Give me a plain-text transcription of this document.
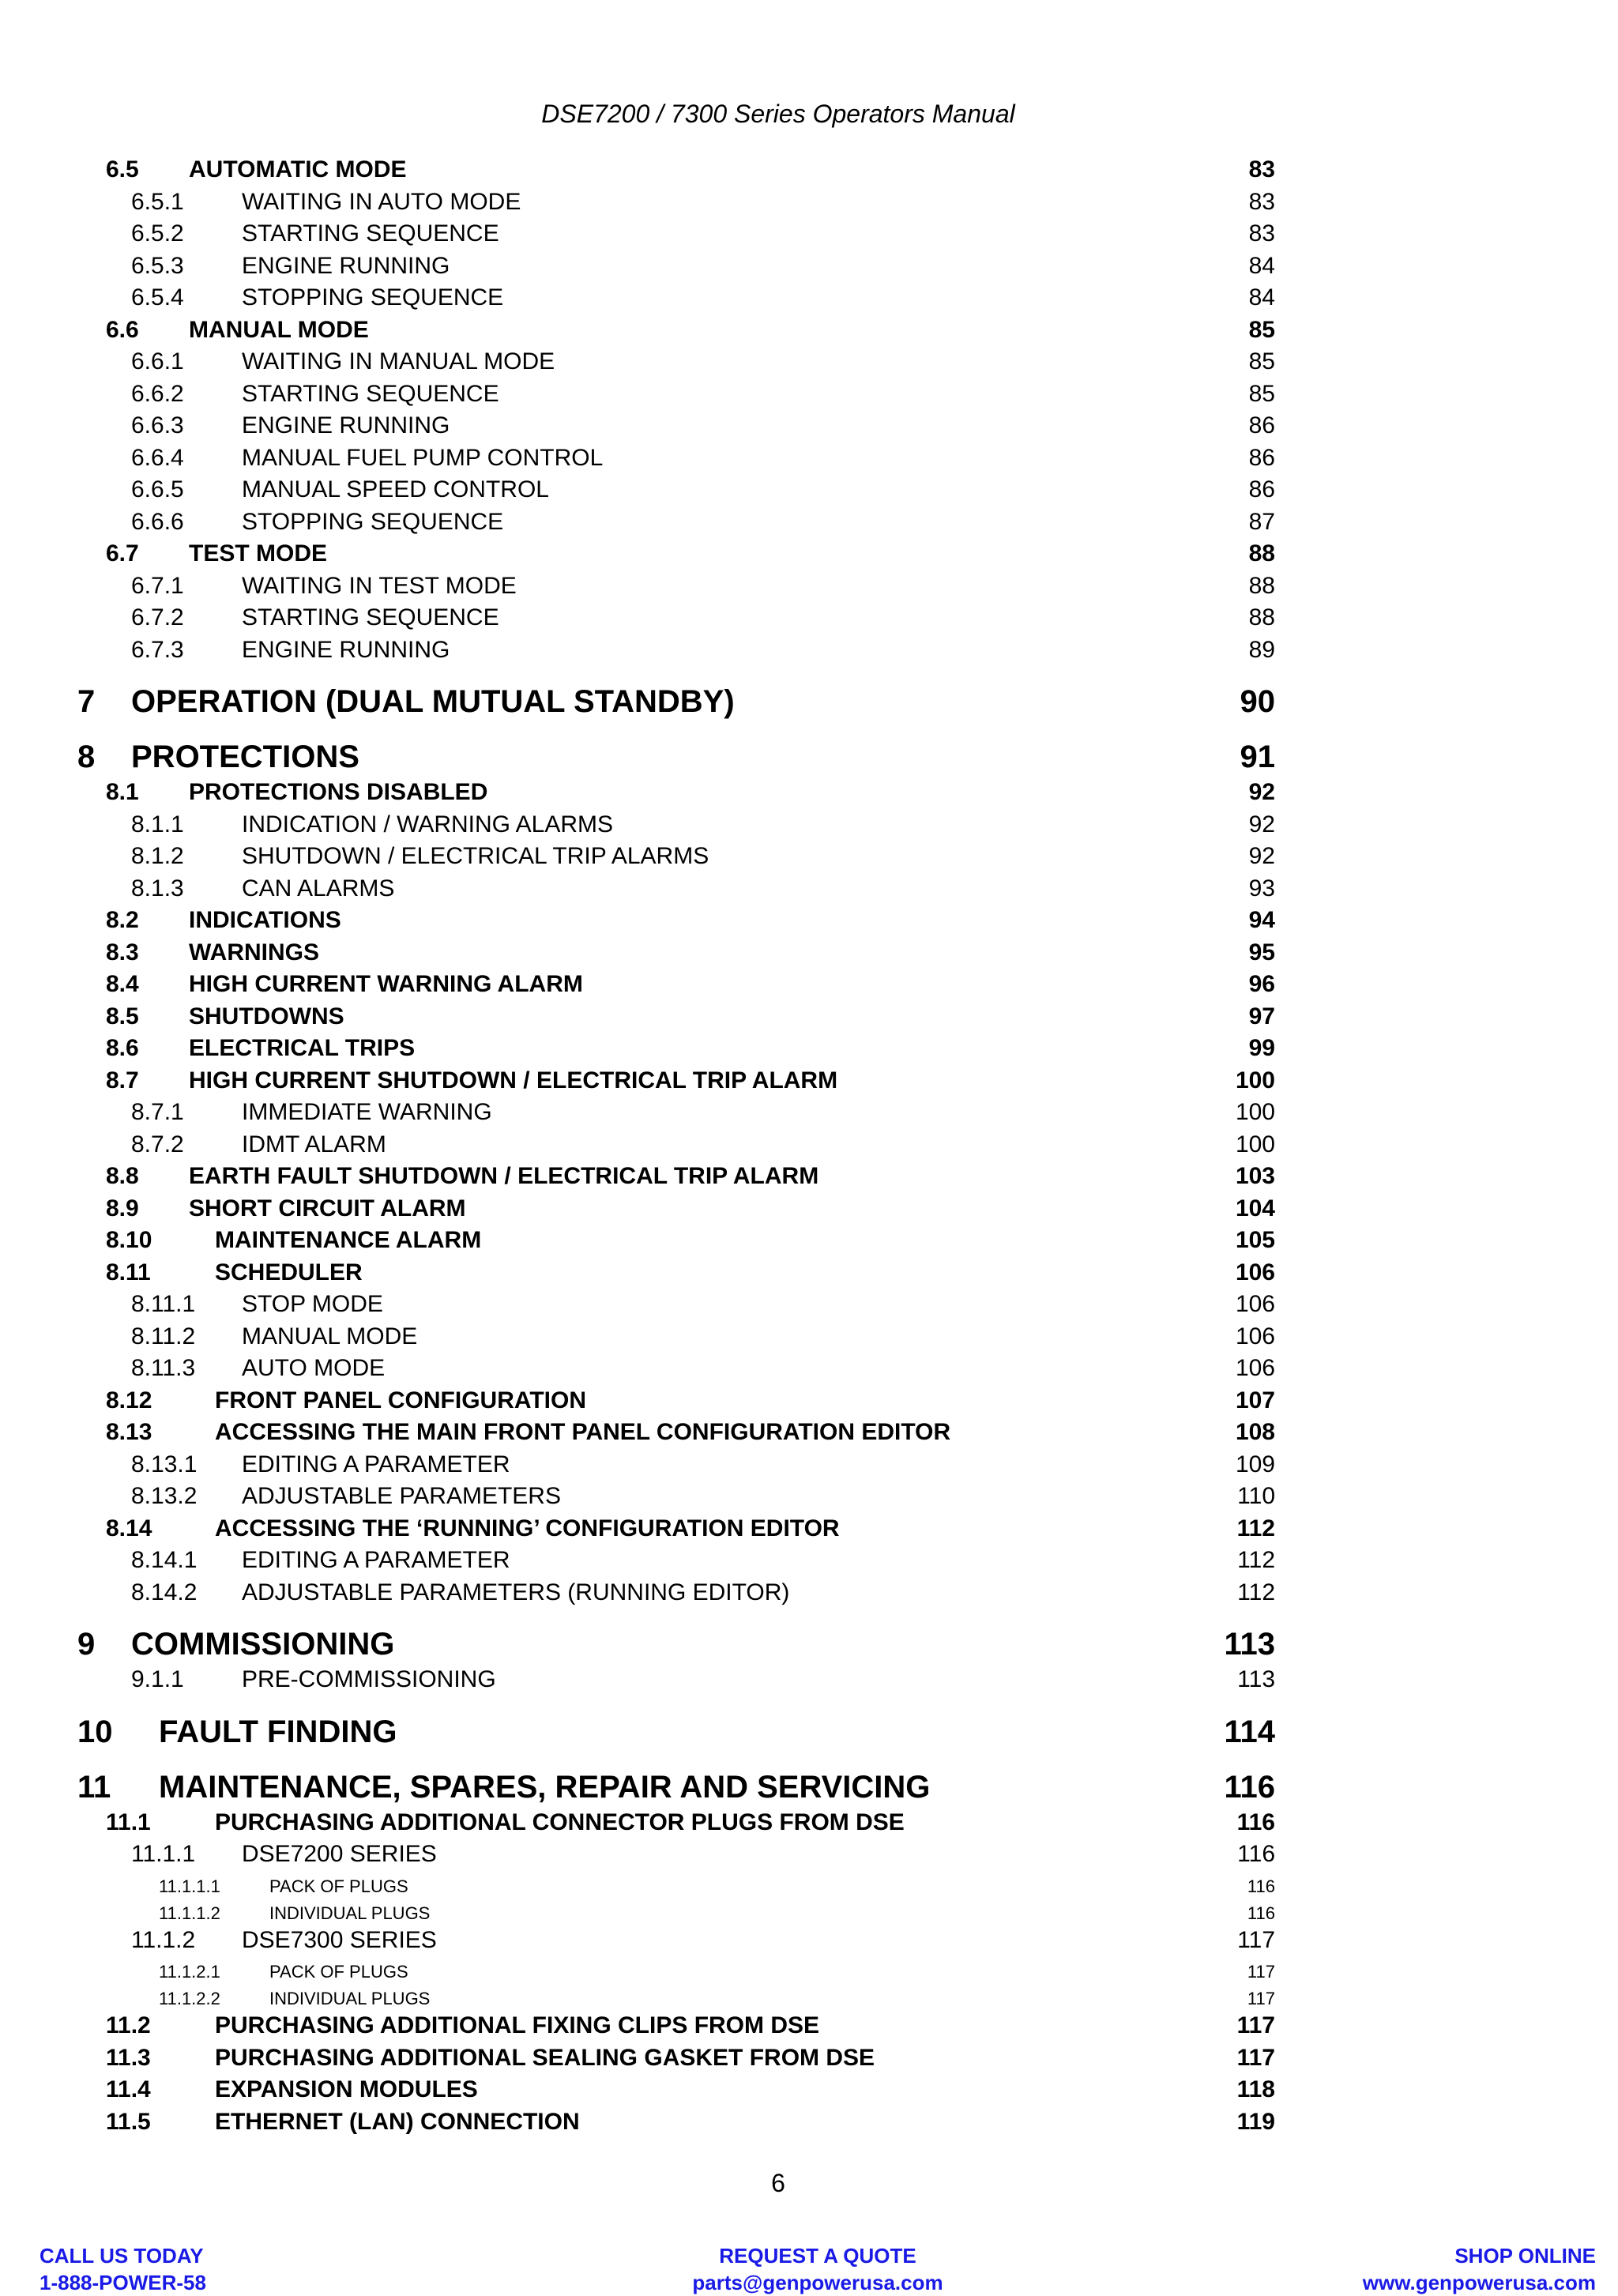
DSE7200 / 7300 Series Operators Manual
6.5	AUTOMATIC MODE	83
6.5.1	WAITING IN AUTO MODE	83
6.5.2	STARTING SEQUENCE	83
6.5.3	ENGINE RUNNING	84
6.5.4	STOPPING SEQUENCE	84
6.6	MANUAL MODE	85
6.6.1	WAITING IN MANUAL MODE	85
6.6.2	STARTING SEQUENCE	85
6.6.3	ENGINE RUNNING	86
6.6.4	MANUAL FUEL PUMP CONTROL	86
6.6.5	MANUAL SPEED CONTROL	86
6.6.6	STOPPING SEQUENCE	87
6.7	TEST MODE	88
6.7.1	WAITING IN TEST MODE	88
6.7.2	STARTING SEQUENCE	88
6.7.3	ENGINE RUNNING	89
7	OPERATION (DUAL MUTUAL STANDBY)	90
8	PROTECTIONS	91
8.1	PROTECTIONS DISABLED	92
8.1.1	INDICATION / WARNING ALARMS	92
8.1.2	SHUTDOWN / ELECTRICAL TRIP ALARMS	92
8.1.3	CAN ALARMS	93
8.2	INDICATIONS	94
8.3	WARNINGS	95
8.4	HIGH CURRENT WARNING ALARM	96
8.5	SHUTDOWNS	97
8.6	ELECTRICAL TRIPS	99
8.7	HIGH CURRENT SHUTDOWN / ELECTRICAL TRIP ALARM	100
8.7.1	IMMEDIATE WARNING	100
8.7.2	IDMT ALARM	100
8.8	EARTH FAULT SHUTDOWN / ELECTRICAL TRIP ALARM	103
8.9	SHORT CIRCUIT ALARM	104
8.10	MAINTENANCE ALARM	105
8.11	SCHEDULER	106
8.11.1	STOP MODE	106
8.11.2	MANUAL MODE	106
8.11.3	AUTO MODE	106
8.12	FRONT PANEL CONFIGURATION	107
8.13	ACCESSING THE MAIN FRONT PANEL CONFIGURATION EDITOR	108
8.13.1	EDITING A PARAMETER	109
8.13.2	ADJUSTABLE PARAMETERS	110
8.14	ACCESSING THE ‘RUNNING’ CONFIGURATION EDITOR	112
8.14.1	EDITING A PARAMETER	112
8.14.2	ADJUSTABLE PARAMETERS (RUNNING EDITOR)	112
9	COMMISSIONING	113
9.1.1	PRE-COMMISSIONING	113
10	FAULT FINDING	114
11	MAINTENANCE, SPARES, REPAIR AND SERVICING	116
11.1	PURCHASING ADDITIONAL CONNECTOR PLUGS FROM DSE	116
11.1.1	DSE7200 SERIES	116
11.1.1.1	PACK OF PLUGS	116
11.1.1.2	INDIVIDUAL PLUGS	116
11.1.2	DSE7300 SERIES	117
11.1.2.1	PACK OF PLUGS	117
11.1.2.2	INDIVIDUAL PLUGS	117
11.2	PURCHASING ADDITIONAL FIXING CLIPS FROM DSE	117
11.3	PURCHASING ADDITIONAL SEALING GASKET FROM DSE	117
11.4	EXPANSION MODULES	118
11.5	ETHERNET (LAN) CONNECTION	119
6
CALL US TODAY
1-888-POWER-58
REQUEST A QUOTE
parts@genpowerusa.com
SHOP ONLINE
www.genpowerusa.com
